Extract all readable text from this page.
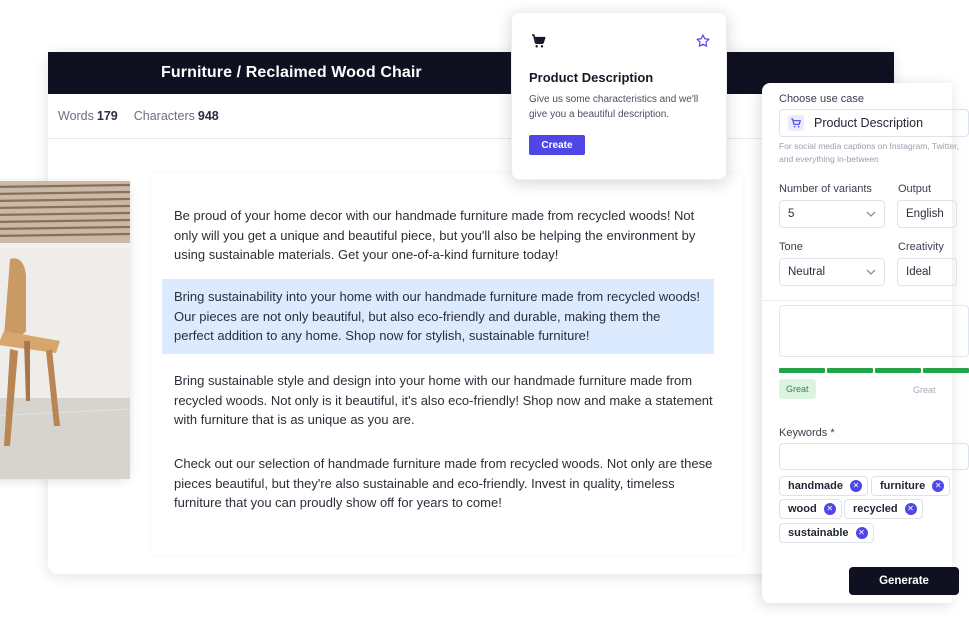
Furniture / Reclaimed Wood Chair
Words 179 Characters 948

Be proud of your home decor with our handmade furniture made from recycled woods! Not only will you get a unique and beautiful piece, but you'll also be helping the environment by using sustainable materials. Get your one-of-a-kind furniture today!

Bring sustainability into your home with our handmade furniture made from recycled woods! Our pieces are not only beautiful, but also eco-friendly and durable, making them the perfect addition to any home. Shop now for stylish, sustainable furniture!

Bring sustainable style and design into your home with our handmade furniture made from recycled woods. Not only is it beautiful, it's also eco-friendly! Shop now and make a statement with furniture that is as unique as you are.

Check out our selection of handmade furniture made from recycled woods. Not only are these pieces beautiful, but they're also sustainable and eco-friendly. Invest in quality, timeless furniture that you can proudly show off for years to come!

Product Description
Give us some characteristics and we'll give you a beautiful description.
Create
Choose use case
Product Description
For social media captions on Instagram, Twitter, and everything in-between
Number of variants Output
5	English
Tone	Creativity
Neutral	Ideal
Great	Great
Keywords *
handmade	✕ furniture	✕
wood	✕ recycled	✕
sustainable	✕
Generate
